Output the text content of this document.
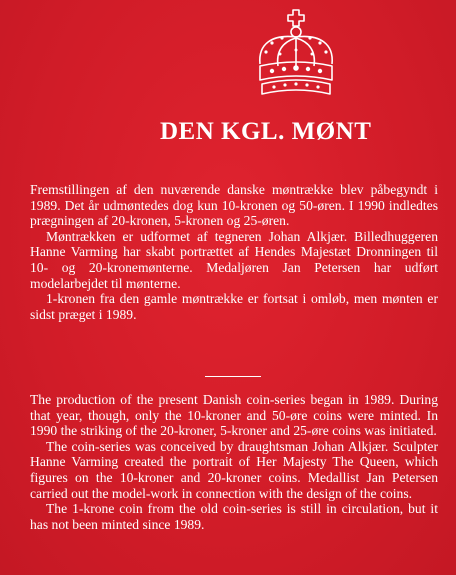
DEN KGL. MØNT

Fremstillingen af den nuværende danske møntrække blev påbegyndt i 1989. Det år udmøntedes dog kun 10-kronen og 50-øren. I 1990 indledtes prægningen af 20-kronen, 5-kronen og 25-øren.

Møntrækken er udformet af tegneren Johan Alkjær. Billedhuggeren Hanne Varming har skabt portrættet af Hendes Majestæt Dronningen til 10- og 20-kronemønterne. Medaljøren Jan Petersen har udført modelarbejdet til mønterne.

1-kronen fra den gamle møntrække er fortsat i omløb, men mønten er sidst præget i 1989.

The production of the present Danish coin-series began in 1989. During that year, though, only the 10-kroner and 50-øre coins were minted. In 1990 the striking of the 20-kroner, 5-kroner and 25-øre coins was initiated.

The coin-series was conceived by draughtsman Johan Alkjær. Sculpter Hanne Varming created the portrait of Her Majesty The Queen, which figures on the 10-kroner and 20-kroner coins. Medallist Jan Petersen carried out the model-work in connection with the design of the coins.

The 1-krone coin from the old coin-series is still in circulation, but it has not been minted since 1989.
